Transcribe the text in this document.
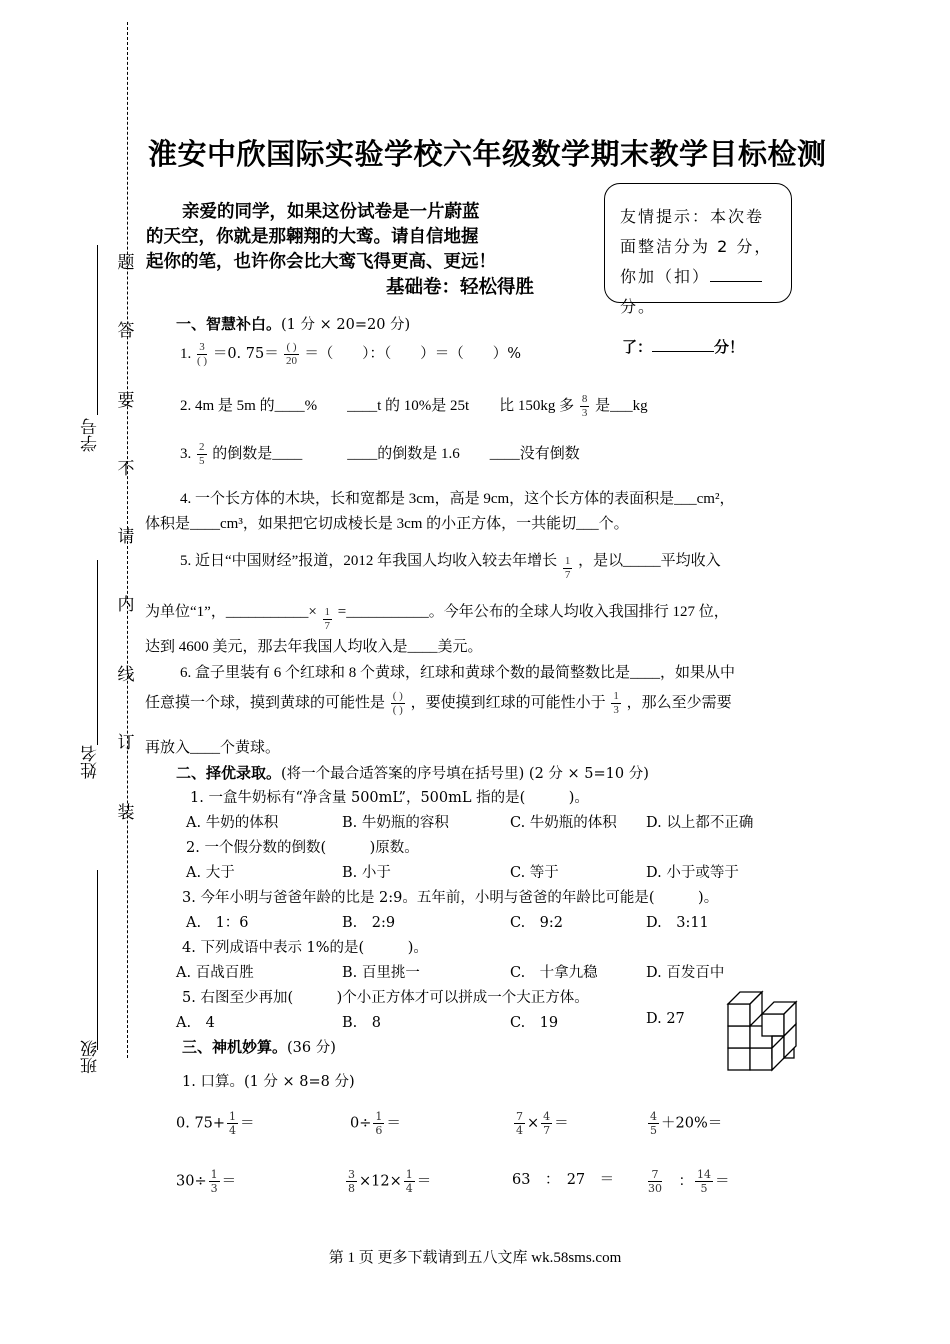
题
答
要
不
请
内
线
订
装
学号
姓名
班级
淮安中欣国际实验学校六年级数学期末教学目标检测
亲爱的同学，如果这份试卷是一片蔚蓝
的天空，你就是那翱翔的大鸾。请自信地握
起你的笔，也许你会比大鸾飞得更高、更远！
基础卷：轻松得胜
友情提示：本次卷
面整洁分为 2 分，
你加（扣）
分。
了：	分！
一、智慧补白。(1 分 × 20=20 分)
1. $\frac{3}{( )} =0$. $75= \frac{( )}{20}$ ＝（　　）：（　　）＝（　　）%
2. 4m 是 5m 的____%　　____t 的 10%是 25t　　比 150kg 多 $\frac{8}{3}$ 是___kg
3. $\frac{2}{5}$ 的倒数是____　　　____的倒数是 1.6　　____没有倒数
4. 一个长方体的木块，长和宽都是 3cm，高是 9cm，这个长方体的表面积是___cm²，
体积是____cm³，如果把它切成棱长是 3cm 的小正方体，一共能切___个。
5. 近日“中国财经”报道，2012 年我国人均收入较去年增长 $\frac{1}{7}$ ，是以_____平均收入
为单位“1”，___________× $\frac{1}{7}$ =___________。今年公布的全球人均收入我国排行 127 位，
达到 4600 美元，那去年我国人均收入是____美元。
6. 盒子里装有 6 个红球和 8 个黄球，红球和黄球个数的最简整数比是____，如果从中
任意摸一个球，摸到黄球的可能性是 $\frac{( )}{( )}$ ，要使摸到红球的可能性小于 $\frac{1}{3}$ ，那么至少需要
再放入____个黄球。
二、择优录取。(将一个最合适答案的序号填在括号里) (2 分 × 5=10 分)
1. 一盒牛奶标有“净含量 500mL”，500mL 指的是(　　　)。
A. 牛奶的体积	B. 牛奶瓶的容积	C. 牛奶瓶的体积 D. 以上都不正确
2. 一个假分数的倒数(　　　)原数。
A. 大于	B. 小于	C. 等于	D. 小于或等于
3. 今年小明与爸爸年龄的比是 2:9。五年前，小明与爸爸的年龄比可能是(　　　)。
A.　1：6	B.　2:9	C.　9:2	D.　3:11
4. 下列成语中表示 1%的是(　　　)。
A. 百战百胜	B. 百里挑一	C.　十拿九稳	D. 百发百中
5. 右图至少再加(　　　)个小正方体才可以拼成一个大正方体。
A.　4	B.　8	C.　19	D. 27
三、神机妙算。(36 分)
1. 口算。(1 分 × 8=8 分)
0. $75+ \frac{1}{4}$ ＝	$0\div \frac{1}{6}$ ＝	$\frac{7}{4} \times \frac{4}{7}$ ＝	$\frac{4}{5} +20\%=$
$30\div \frac{1}{3}$ ＝	$\frac{3}{8} \times 12\times \frac{1}{4}$ ＝	63　：　27　＝	$\frac{7}{30}$ 　： $\frac{14}{5}$ ＝
第 1 页 更多下载请到五八文库 wk.58sms.com
